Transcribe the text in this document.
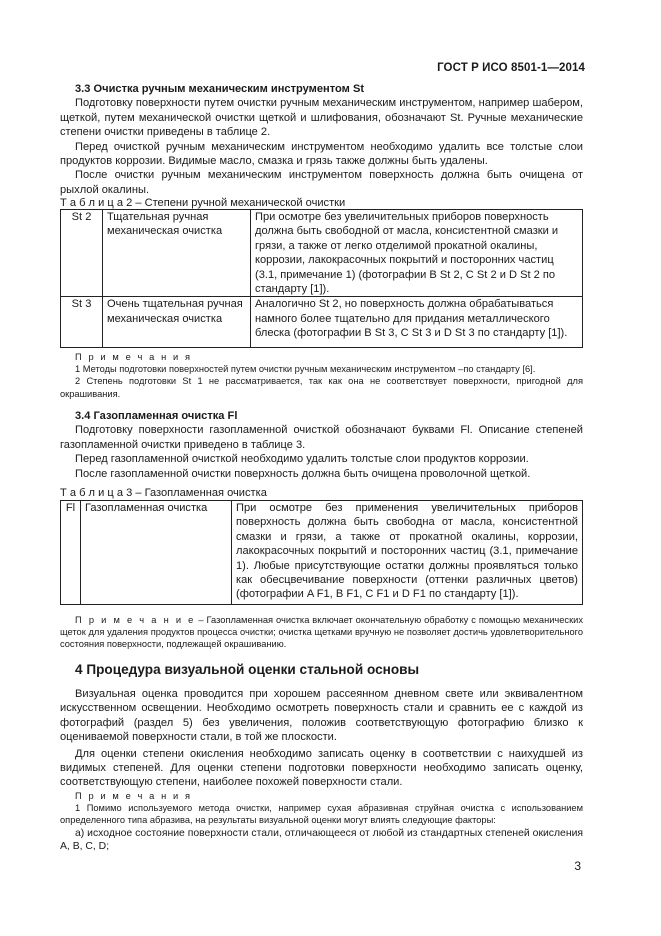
ГОСТ Р ИСО 8501-1—2014

3.3 Очистка ручным механическим инструментом St

Подготовку поверхности путем очистки ручным механическим инструментом, например шабером, щеткой, путем механической очистки щеткой и шлифования, обозначают St. Ручные механические степени очистки приведены в таблице 2.

Перед очисткой ручным механическим инструментом необходимо удалить все толстые слои продуктов коррозии. Видимые масло, смазка и грязь также должны быть удалены.

После очистки ручным механическим инструментом поверхность должна быть очищена от рыхлой окалины.

Т а б л и ц а 2 – Степени ручной механической очистки

St 2	Тщательная ручная механическая очистка	При осмотре без увеличительных приборов поверхность должна быть свободной от масла, консистентной смазки и грязи, а также от легко отделимой прокатной окалины, коррозии, лакокрасочных покрытий и посторонних частиц (3.1, примечание 1) (фотографии B St 2, C St 2 и D St 2 по стандарту [1]).
St 3	Очень тщательная ручная механическая очистка	Аналогично St 2, но поверхность должна обрабатываться намного более тщательно для придания металлического блеска (фотографии B St 3, C St 3 и D St 3 по стандарту [1]).

П р и м е ч а н и я

1 Методы подготовки поверхностей путем очистки ручным механическим инструментом –по стандарту [6].

2 Степень подготовки St 1 не рассматривается, так как она не соответствует поверхности, пригодной для окрашивания.

3.4 Газопламенная очистка Fl

Подготовку поверхности газопламенной очисткой обозначают буквами Fl. Описание степеней газопламенной очистки приведено в таблице 3.

Перед газопламенной очисткой необходимо удалить толстые слои продуктов коррозии.

После газопламенной очистки поверхность должна быть очищена проволочной щеткой.

Т а б л и ц а 3 – Газопламенная очистка

Fl	Газопламенная очистка	При осмотре без применения увеличительных приборов поверхность должна быть свободна от масла, консистентной смазки и грязи, а также от прокатной окалины, коррозии, лакокрасочных покрытий и посторонних частиц (3.1, примечание 1). Любые присутствующие остатки должны проявляться только как обесцвечивание поверхности (оттенки различных цветов) (фотографии A F1, B F1, C F1 и D F1 по стандарту [1]).

П р и м е ч а н и е – Газопламенная очистка включает окончательную обработку с помощью механических щеток для удаления продуктов процесса очистки; очистка щетками вручную не позволяет достичь удовлетворительного состояния поверхности, подлежащей окрашиванию.

4 Процедура визуальной оценки стальной основы

Визуальная оценка проводится при хорошем рассеянном дневном свете или эквивалентном искусственном освещении. Необходимо осмотреть поверхность стали и сравнить ее с каждой из фотографий (раздел 5) без увеличения, положив соответствующую фотографию близко к оцениваемой поверхности стали, в той же плоскости.

Для оценки степени окисления необходимо записать оценку в соответствии с наихудшей из видимых степеней. Для оценки степени подготовки поверхности необходимо записать оценку, соответствующую степени, наиболее похожей поверхности стали.

П р и м е ч а н и я

1 Помимо используемого метода очистки, например сухая абразивная струйная очистка с использованием определенного типа абразива, на результаты визуальной оценки могут влиять следующие факторы:

а) исходное состояние поверхности стали, отличающееся от любой из стандартных степеней окисления A, B, C, D;

3
